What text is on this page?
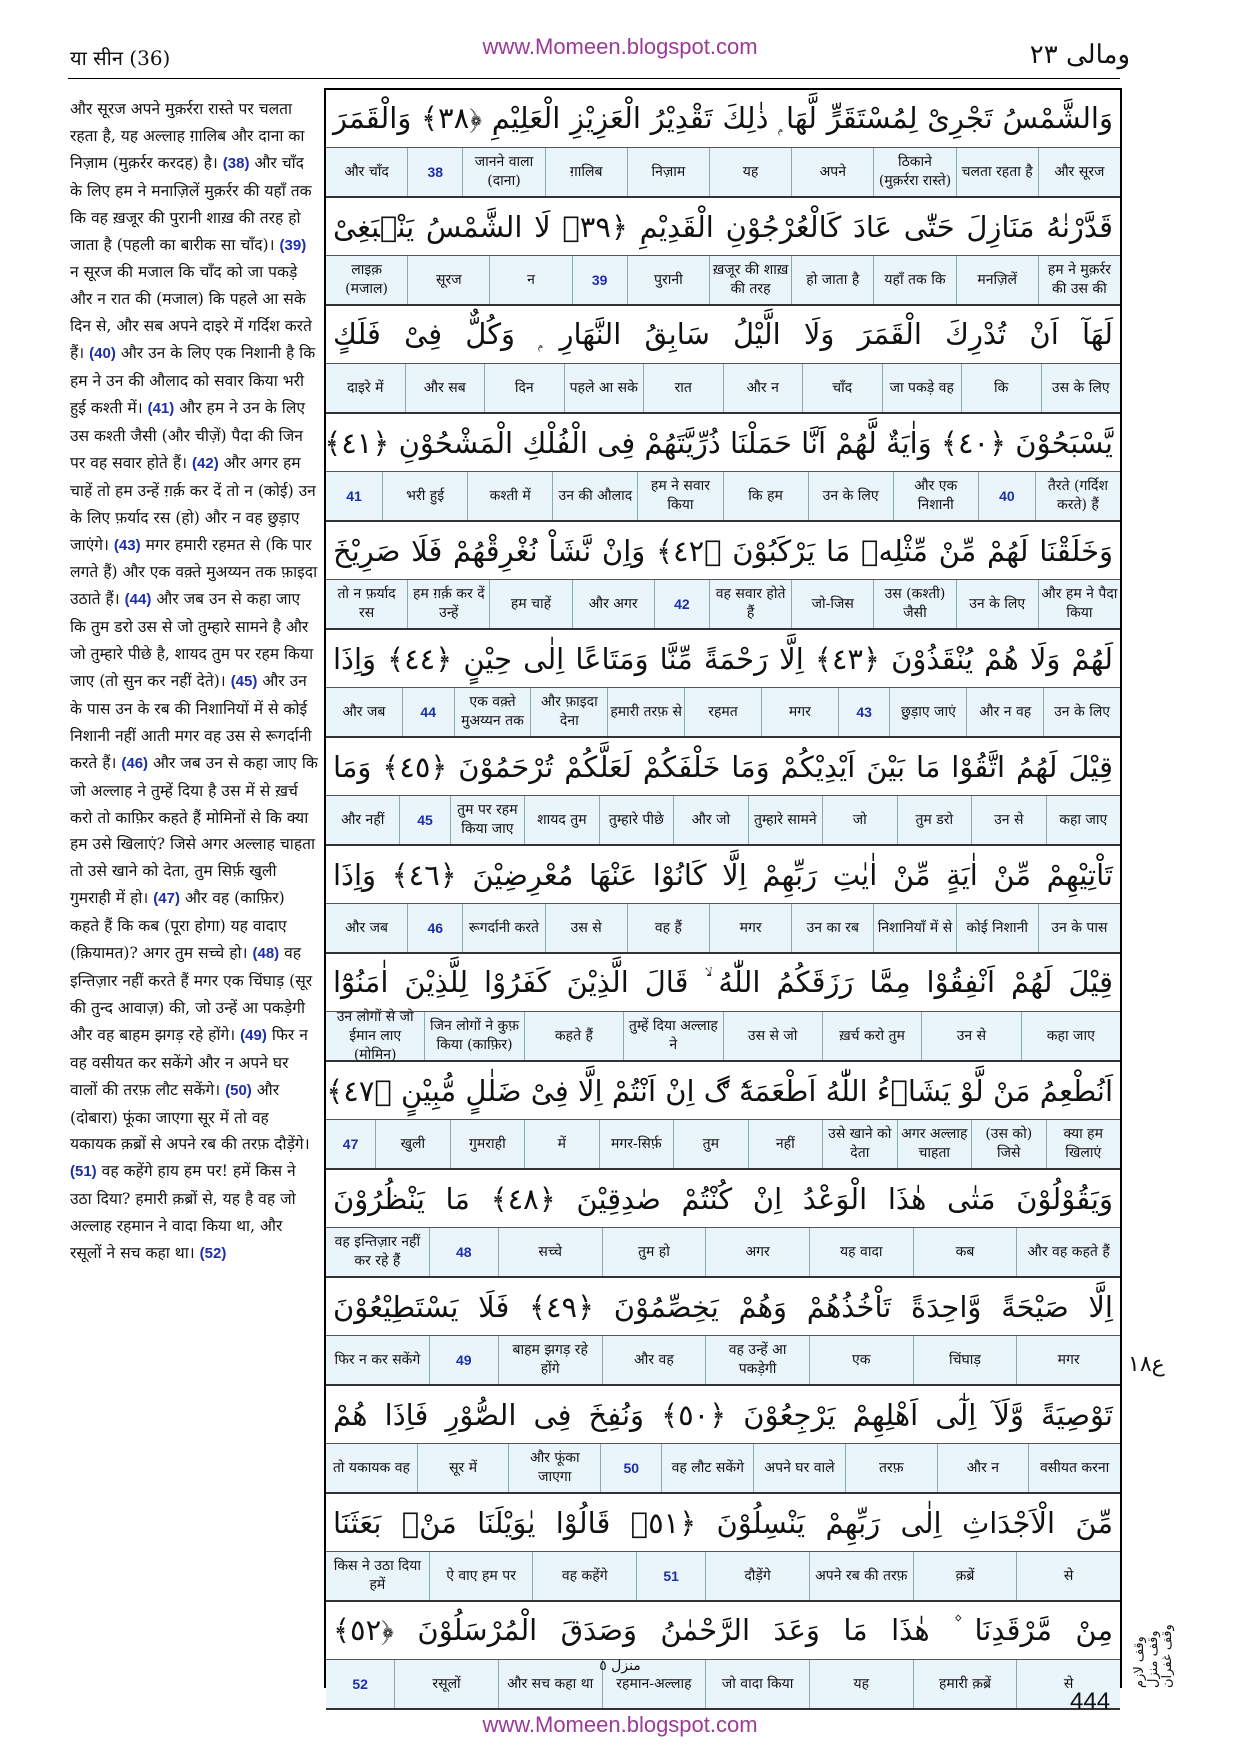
या सीन (36)	www.Momeen.blogspot.com	ومالی ۲۳
और सूरज अपने मुक़र्ररा रास्ते पर चलता रहता है, यह अल्लाह ग़ालिब और दाना का निज़ाम (मुक़र्रर करदह) है। (38) और चाँद के लिए हम ने मनाज़िलें मुक़र्रर की यहाँ तक कि वह ख़जूर की पुरानी शाख़ की तरह हो जाता है (पहली का बारीक सा चाँद)। (39) न सूरज की मजाल कि चाँद को जा पकड़े और न रात की (मजाल) कि पहले आ सके दिन से, और सब अपने दाइरे में गर्दिश करते हैं। (40) और उन के लिए एक निशानी है कि हम ने उन की औलाद को सवार किया भरी हुई कश्ती में। (41) और हम ने उन के लिए उस कश्ती जैसी (और चीज़ें) पैदा की जिन पर वह सवार होते हैं। (42) और अगर हम चाहें तो हम उन्हें ग़र्क़ कर दें तो न (कोई) उन के लिए फ़र्याद रस (हो) और न वह छुड़ाए जाएंगे। (43) मगर हमारी रहमत से (कि पार लगते हैं) और एक वक़्ते मुअय्यन तक फ़ाइदा उठाते हैं। (44) और जब उन से कहा जाए कि तुम डरो उस से जो तुम्हारे सामने है और जो तुम्हारे पीछे है, शायद तुम पर रहम किया जाए (तो सुन कर नहीं देते)। (45) और उन के पास उन के रब की निशानियों में से कोई निशानी नहीं आती मगर वह उस से रूगर्दानी करते हैं। (46) और जब उन से कहा जाए कि जो अल्लाह ने तुम्हें दिया है उस में से ख़र्च करो तो काफ़िर कहते हैं मोमिनों से कि क्या हम उसे खिलाएं? जिसे अगर अल्लाह चाहता तो उसे खाने को देता, तुम सिर्फ़ खुली गुमराही में हो। (47) और वह (काफ़िर) कहते हैं कि कब (पूरा होगा) यह वादाए (क़ियामत)? अगर तुम सच्चे हो। (48) वह इन्तिज़ार नहीं करते हैं मगर एक चिंघाड़ (सूर की तुन्द आवाज़) की, जो उन्हें आ पकड़ेगी और वह बाहम झगड़ रहे होंगे। (49) फिर न वह वसीयत कर सकेंगे और न अपने घर वालों की तरफ़ लौट सकेंगे। (50) और (दोबारा) फूंका जाएगा सूर में तो वह यकायक क़ब्रों से अपने रब की तरफ़ दौड़ेंगे। (51) वह कहेंगे हाय हम पर! हमें किस ने उठा दिया? हमारी क़ब्रों से, यह है वह जो अल्लाह रहमान ने वादा किया था, और रसूलों ने सच कहा था। (52)
وَالشَّمْسُ تَجْرِىْ لِمُسْتَقَرٍّ لَّهَا ۭ ذٰلِكَ تَقْدِيْرُ الْعَزِيْزِ الْعَلِيْمِ ﴿٣٨﴾ وَالْقَمَرَ
और सूरज
चलता रहता है
ठिकाने (मुक़र्ररा रास्ते)
अपने
यह
निज़ाम
ग़ालिब
जानने वाला (दाना)
38
और चाँद
قَدَّرْنٰهُ مَنَازِلَ حَتّٰى عَادَ كَالْعُرْجُوْنِ الْقَدِيْمِ ﴿٣٩﴾ لَا الشَّمْسُ يَنْۢبَغِىْ
हम ने मुक़र्रर की उस की
मनज़िलें
यहाँ तक कि
हो जाता है
ख़जूर की शाख़ की तरह
पुरानी
39
न
सूरज
लाइक़ (मजाल)
لَهَآ اَنْ تُدْرِكَ الْقَمَرَ وَلَا الَّيْلُ سَابِقُ النَّهَارِ ۭ وَكُلٌّ فِىْ فَلَكٍ
उस के लिए
कि
जा पकड़े वह
चाँद
और न
रात
पहले आ सके
दिन
और सब
दाइरे में
يَّسْبَحُوْنَ ﴿٤٠﴾ وَاٰيَةٌ لَّهُمْ اَنَّا حَمَلْنَا ذُرِّيَّتَهُمْ فِى الْفُلْكِ الْمَشْحُوْنِ ﴿٤١﴾
तैरते (गर्दिश करते) हैं
40
और एक निशानी
उन के लिए
कि हम
हम ने सवार किया
उन की औलाद
कश्ती में
भरी हुई
41
وَخَلَقْنَا لَهُمْ مِّنْ مِّثْلِهٖ مَا يَرْكَبُوْنَ ﴿٤٢﴾ وَاِنْ نَّشَاْ نُغْرِقْهُمْ فَلَا صَرِيْخَ
और हम ने पैदा किया
उन के लिए
उस (कश्ती) जैसी
जो-जिस
वह सवार होते हैं
42
और अगर
हम चाहें
हम ग़र्क़ कर दें उन्हें
तो न फ़र्याद रस
لَهُمْ وَلَا هُمْ يُنْقَذُوْنَ ﴿٤٣﴾ اِلَّا رَحْمَةً مِّنَّا وَمَتَاعًا اِلٰى حِيْنٍ ﴿٤٤﴾ وَاِذَا
उन के लिए
और न वह
छुड़ाए जाएं
43
मगर
रहमत
हमारी तरफ़ से
और फ़ाइदा देना
एक वक़्ते मुअय्यन तक
44
और जब
قِيْلَ لَهُمُ اتَّقُوْا مَا بَيْنَ اَيْدِيْكُمْ وَمَا خَلْفَكُمْ لَعَلَّكُمْ تُرْحَمُوْنَ ﴿٤٥﴾ وَمَا
कहा जाए
उन से
तुम डरो
जो
तुम्हारे सामने
और जो
तुम्हारे पीछे
शायद तुम
तुम पर रहम किया जाए
45
और नहीं
تَاْتِيْهِمْ مِّنْ اٰيَةٍ مِّنْ اٰيٰتِ رَبِّهِمْ اِلَّا كَانُوْا عَنْهَا مُعْرِضِيْنَ ﴿٤٦﴾ وَاِذَا
उन के पास
कोई निशानी
निशानियाँ में से
उन का रब
मगर
वह हैं
उस से
रूगर्दानी करते
46
और जब
قِيْلَ لَهُمْ اَنْفِقُوْا مِمَّا رَزَقَكُمُ اللّٰهُ ۙ قَالَ الَّذِيْنَ كَفَرُوْا لِلَّذِيْنَ اٰمَنُوْٓا
कहा जाए
उन से
ख़र्च करो तुम
उस से जो
तुम्हें दिया अल्लाह ने
कहते हैं
जिन लोगों ने कुफ़ किया (काफ़िर)
उन लोगों से जो ईमान लाए (मोमिन)
اَنُطْعِمُ مَنْ لَّوْ يَشَاۗءُ اللّٰهُ اَطْعَمَهٗٓ ڰ اِنْ اَنْتُمْ اِلَّا فِىْ ضَلٰلٍ مُّبِيْنٍ ﴿٤٧﴾
क्या हम खिलाएं
(उस को) जिसे
अगर अल्लाह चाहता
उसे खाने को देता
नहीं
तुम
मगर-सिर्फ़
में
गुमराही
खुली
47
وَيَقُوْلُوْنَ مَتٰى هٰذَا الْوَعْدُ اِنْ كُنْتُمْ صٰدِقِيْنَ ﴿٤٨﴾ مَا يَنْظُرُوْنَ
और वह कहते हैं
कब
यह वादा
अगर
तुम हो
सच्चे
48
वह इन्तिज़ार नहीं कर रहे हैं
اِلَّا صَيْحَةً وَّاحِدَةً تَاْخُذُهُمْ وَهُمْ يَخِصِّمُوْنَ ﴿٤٩﴾ فَلَا يَسْتَطِيْعُوْنَ
मगर
चिंघाड़
एक
वह उन्हें आ पकड़ेगी
और वह
बाहम झगड़ रहे होंगे
49
फिर न कर सकेंगे
تَوْصِيَةً وَّلَآ اِلٰٓى اَهْلِهِمْ يَرْجِعُوْنَ ﴿٥٠﴾ وَنُفِخَ فِى الصُّوْرِ فَاِذَا هُمْ
वसीयत करना
और न
तरफ़
अपने घर वाले
वह लौट सकेंगे
50
और फूंका जाएगा
सूर में
तो यकायक वह
مِّنَ الْاَجْدَاثِ اِلٰى رَبِّهِمْ يَنْسِلُوْنَ ﴿٥١﴾ قَالُوْا يٰوَيْلَنَا مَنْۢ بَعَثَنَا
से
क़ब्रें
अपने रब की तरफ़
दौड़ेंगे
51
वह कहेंगे
ऐ वाए हम पर
किस ने उठा दिया हमें
مِنْ مَّرْقَدِنَا ۫ هٰذَا مَا وَعَدَ الرَّحْمٰنُ وَصَدَقَ الْمُرْسَلُوْنَ ﴿٥٢﴾
से
हमारी क़ब्रें
यह
जो वादा किया
रहमान-अल्लाह
और सच कहा था
रसूलों
52
ع۱۸
وقف لازم وقف منزل وقف غفران
منزل ٥
444
www.Momeen.blogspot.com
